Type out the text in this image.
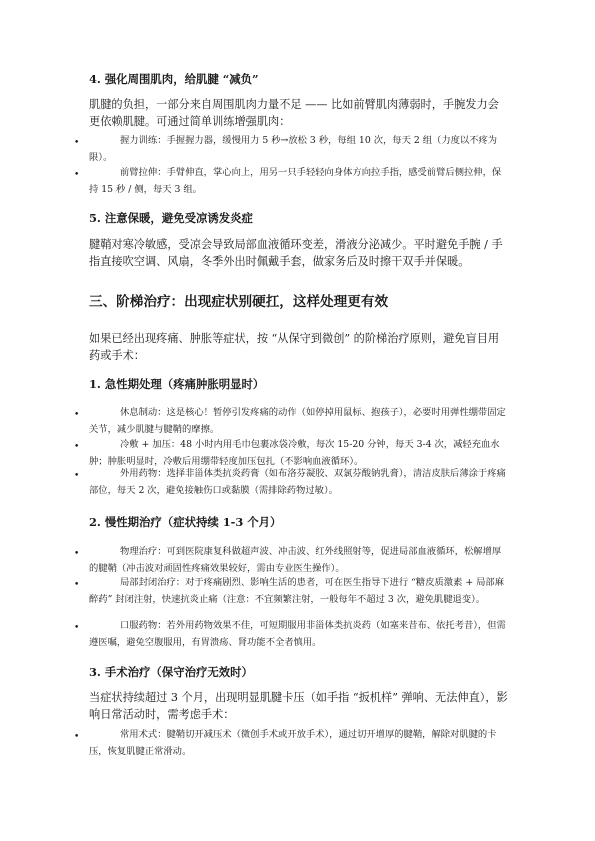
4. 强化周围肌肉，给肌腱 “减负”
肌腱的负担，一部分来自周围肌肉力量不足 —— 比如前臂肌肉薄弱时，手腕发力会更依赖肌腱。可通过简单训练增强肌肉：
•	握力训练：手握握力器，缓慢用力 5 秒→放松 3 秒，每组 10 次，每天 2 组（力度以不疼为限）。
•	前臂拉伸：手臂伸直，掌心向上，用另一只手轻轻向身体方向拉手指，感受前臂后侧拉伸，保持 15 秒 / 侧，每天 3 组。
5. 注意保暖，避免受凉诱发炎症
腱鞘对寒冷敏感，受凉会导致局部血液循环变差，滑液分泌减少。平时避免手腕 / 手指直接吹空调、风扇，冬季外出时佩戴手套，做家务后及时擦干双手并保暖。
三、阶梯治疗：出现症状别硬扛，这样处理更有效
如果已经出现疼痛、肿胀等症状，按 “从保守到微创” 的阶梯治疗原则，避免盲目用药或手术：
1. 急性期处理（疼痛肿胀明显时）
•	休息制动：这是核心！暂停引发疼痛的动作（如停掉用鼠标、抱孩子），必要时用弹性绷带固定关节，减少肌腱与腱鞘的摩擦。
•	冷敷 + 加压：48 小时内用毛巾包裹冰袋冷敷，每次 15-20 分钟，每天 3-4 次，减轻充血水肿；肿胀明显时，冷敷后用绷带轻度加压包扎（不影响血液循环）。
•	外用药物：选择非甾体类抗炎药膏（如布洛芬凝胶、双氯芬酸钠乳膏），清洁皮肤后薄涂于疼痛部位，每天 2 次，避免接触伤口或黏膜（需排除药物过敏）。
2. 慢性期治疗（症状持续 1-3 个月）
•	物理治疗：可到医院康复科做超声波、冲击波、红外线照射等，促进局部血液循环，松解增厚的腱鞘（冲击波对顽固性疼痛效果较好，需由专业医生操作）。
•	局部封闭治疗：对于疼痛剧烈、影响生活的患者，可在医生指导下进行 “糖皮质激素 + 局部麻醉药” 封闭注射，快速抗炎止痛（注意：不宜频繁注射，一般每年不超过 3 次，避免肌腱退变）。
•	口服药物：若外用药物效果不佳，可短期服用非甾体类抗炎药（如塞来昔布、依托考昔），但需遵医嘱，避免空腹服用，有胃溃疡、肾功能不全者慎用。
3. 手术治疗（保守治疗无效时）
当症状持续超过 3 个月，出现明显肌腱卡压（如手指 “扳机样” 弹响、无法伸直），影响日常活动时，需考虑手术：
•	常用术式：腱鞘切开减压术（微创手术或开放手术），通过切开增厚的腱鞘，解除对肌腱的卡压，恢复肌腱正常滑动。
